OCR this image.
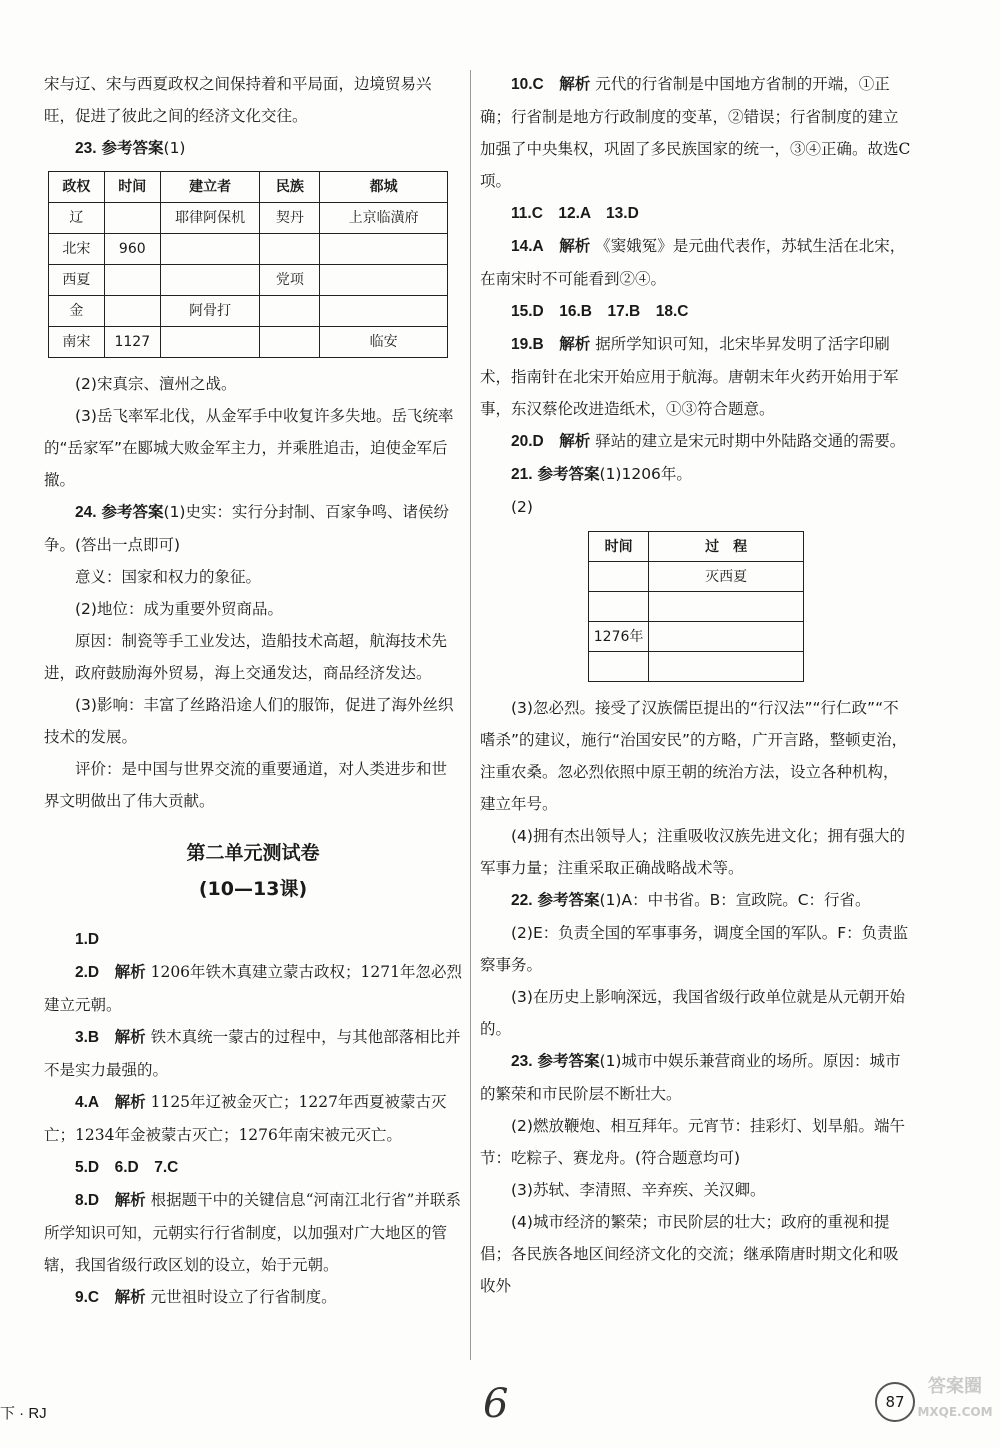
宋与辽、宋与西夏政权之间保持着和平局面，边境贸易兴旺，促进了彼此之间的经济文化交往。

23. 参考答案(1)

政权	时间	建立者	民族	都城
辽		耶律阿保机	契丹	上京临潢府
北宋	960			
西夏			党项	
金		阿骨打		
南宋	1127			临安

(2)宋真宗、澶州之战。

(3)岳飞率军北伐，从金军手中收复许多失地。岳飞统率的“岳家军”在郾城大败金军主力，并乘胜追击，迫使金军后撤。

24. 参考答案(1)史实：实行分封制、百家争鸣、诸侯纷争。(答出一点即可)

意义：国家和权力的象征。

(2)地位：成为重要外贸商品。

原因：制瓷等手工业发达，造船技术高超，航海技术先进，政府鼓励海外贸易，海上交通发达，商品经济发达。

(3)影响：丰富了丝路沿途人们的服饰，促进了海外丝织技术的发展。

评价：是中国与世界交流的重要通道，对人类进步和世界文明做出了伟大贡献。

第二单元测试卷
(10—13课)

1.D

2.D　 解析 1206年铁木真建立蒙古政权；1271年忽必烈建立元朝。

3.B　 解析 铁木真统一蒙古的过程中，与其他部落相比并不是实力最强的。

4.A　 解析 1125年辽被金灭亡；1227年西夏被蒙古灭亡；1234年金被蒙古灭亡；1276年南宋被元灭亡。

5.D　6.D　7.C

8.D　 解析 根据题干中的关键信息“河南江北行省”并联系所学知识可知，元朝实行行省制度，以加强对广大地区的管辖，我国省级行政区划的设立，始于元朝。

9.C　 解析 元世祖时设立了行省制度。

10.C　 解析 元代的行省制是中国地方省制的开端，①正确；行省制是地方行政制度的变革，②错误；行省制度的建立加强了中央集权，巩固了多民族国家的统一，③④正确。故选C项。

11.C　12.A　13.D

14.A　 解析 《窦娥冤》是元曲代表作，苏轼生活在北宋，在南宋时不可能看到②④。

15.D　16.B　17.B　18.C

19.B　 解析 据所学知识可知，北宋毕昇发明了活字印刷术，指南针在北宋开始应用于航海。唐朝末年火药开始用于军事，东汉蔡伦改进造纸术，①③符合题意。

20.D　 解析 驿站的建立是宋元时期中外陆路交通的需要。

21. 参考答案(1)1206年。

(2)

时间	过　程
	灭西夏

1276年	

(3)忽必烈。接受了汉族儒臣提出的“行汉法”“行仁政”“不嗜杀”的建议，施行“治国安民”的方略，广开言路，整顿吏治，注重农桑。忽必烈依照中原王朝的统治方法，设立各种机构，建立年号。

(4)拥有杰出领导人；注重吸收汉族先进文化；拥有强大的军事力量；注重采取正确战略战术等。

22. 参考答案(1)A：中书省。B：宣政院。C：行省。

(2)E：负责全国的军事事务，调度全国的军队。F：负责监察事务。

(3)在历史上影响深远，我国省级行政单位就是从元朝开始的。

23. 参考答案(1)城市中娱乐兼营商业的场所。原因：城市的繁荣和市民阶层不断壮大。

(2)燃放鞭炮、相互拜年。元宵节：挂彩灯、划旱船。端午节：吃粽子、赛龙舟。(符合题意均可)

(3)苏轼、李清照、辛弃疾、关汉卿。

(4)城市经济的繁荣；市民阶层的壮大；政府的重视和提倡；各民族各地区间经济文化的交流；继承隋唐时期文化和吸收外

下 · RJ	6	87
答案圈
MXQE.COM
